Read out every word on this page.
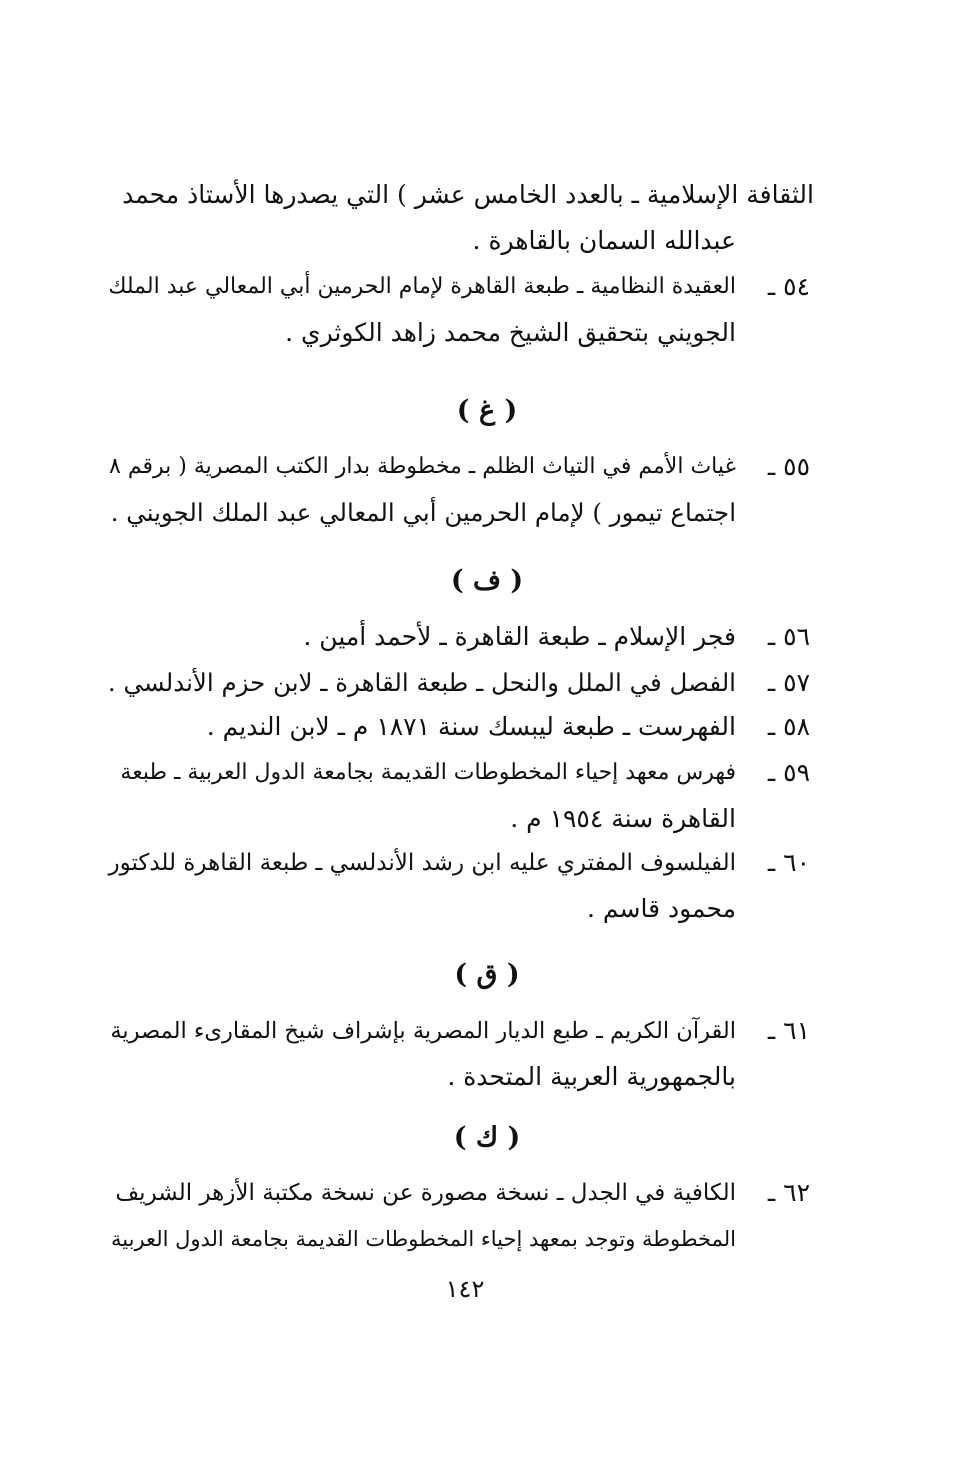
الثقافة الإسلامية ـ بالعدد الخامس عشر ) التي يصدرها الأستاذ محمد
عبدالله السمان بالقاهرة .
٥٤ ـ
العقيدة النظامية ـ طبعة القاهرة لإمام الحرمين أبي المعالي عبد الملك
الجويني بتحقيق الشيخ محمد زاهد الكوثري .
( غ )
٥٥ ـ
غياث الأمم في التياث الظلم ـ مخطوطة بدار الكتب المصرية ( برقم ٨
اجتماع تيمور ) لإمام الحرمين أبي المعالي عبد الملك الجويني .
( ف )
٥٦ ـ
فجر الإسلام ـ طبعة القاهرة ـ لأحمد أمين .
٥٧ ـ
الفصل في الملل والنحل ـ طبعة القاهرة ـ لابن حزم الأندلسي .
٥٨ ـ
الفهرست ـ طبعة ليبسك سنة ١٨٧١ م ـ لابن النديم .
٥٩ ـ
فهرس معهد إحياء المخطوطات القديمة بجامعة الدول العربية ـ طبعة
القاهرة سنة ١٩٥٤ م .
٦٠ ـ
الفيلسوف المفتري عليه ابن رشد الأندلسي ـ طبعة القاهرة للدكتور
محمود قاسم .
( ق )
٦١ ـ
القرآن الكريم ـ طبع الديار المصرية بإشراف شيخ المقارىء المصرية
بالجمهورية العربية المتحدة .
( ك )
٦٢ ـ
الكافية في الجدل ـ نسخة مصورة عن نسخة مكتبة الأزهر الشريف
المخطوطة وتوجد بمعهد إحياء المخطوطات القديمة بجامعة الدول العربية
١٤٢
